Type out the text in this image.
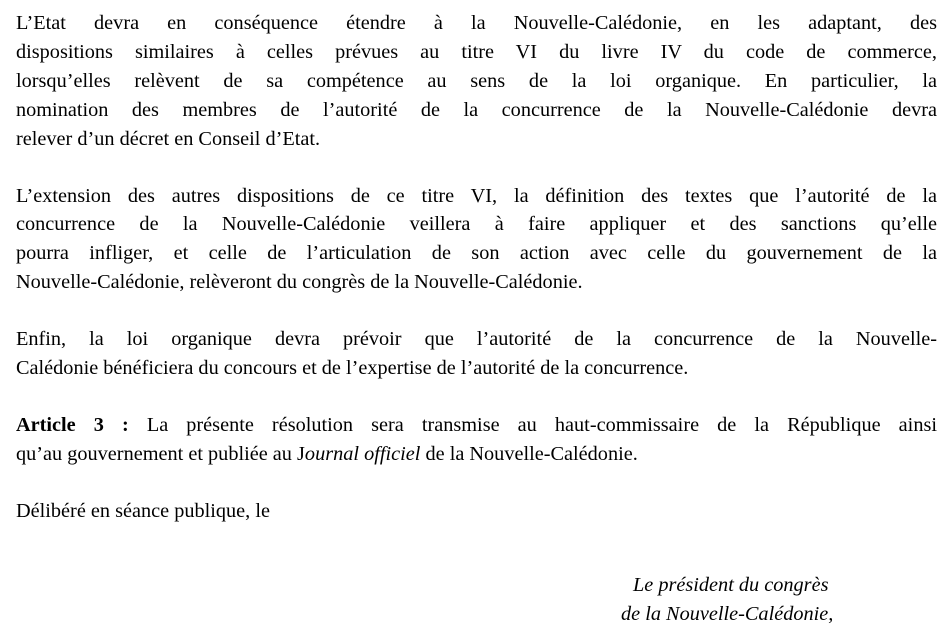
L’Etat devra en conséquence étendre à la Nouvelle-Calédonie, en les adaptant, des
dispositions similaires à celles prévues au titre VI du livre IV du code de commerce,
lorsqu’elles relèvent de sa compétence au sens de la loi organique. En particulier, la
nomination des membres de l’autorité de la concurrence de la Nouvelle-Calédonie devra
relever d’un décret en Conseil d’Etat.

L’extension des autres dispositions de ce titre VI, la définition des textes que l’autorité de la
concurrence de la Nouvelle-Calédonie veillera à faire appliquer et des sanctions qu’elle
pourra infliger, et celle de l’articulation de son action avec celle du gouvernement de la
Nouvelle-Calédonie, relèveront du congrès de la Nouvelle-Calédonie.

Enfin, la loi organique devra prévoir que l’autorité de la concurrence de la Nouvelle-
Calédonie bénéficiera du concours et de l’expertise de l’autorité de la concurrence.

Article 3 : La présente résolution sera transmise au haut-commissaire de la République ainsi
qu’au gouvernement et publiée au Journal officiel de la Nouvelle-Calédonie.

Délibéré en séance publique, le

Le président du congrès
de la Nouvelle-Calédonie,
